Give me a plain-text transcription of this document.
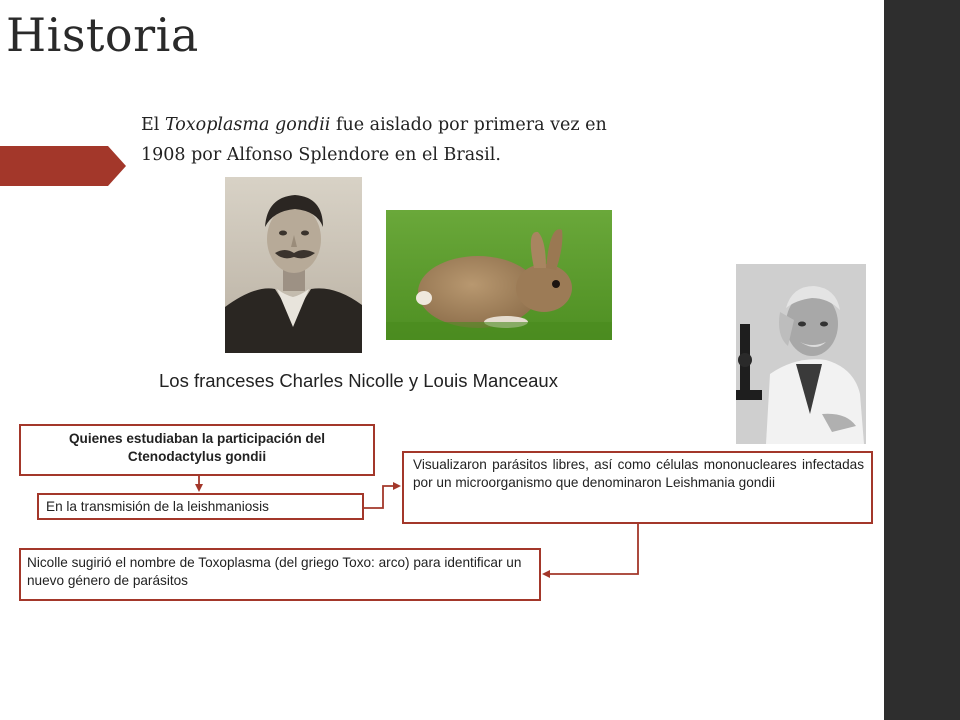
Historia
El Toxoplasma gondii fue aislado por primera vez en
1908 por Alfonso Splendore en el Brasil.
Los franceses Charles Nicolle y Louis Manceaux
Quienes estudiaban la participación del Ctenodactylus gondii
En la transmisión de la leishmaniosis
Visualizaron parásitos libres, así como células mononucleares infectadas por un microorganismo que denominaron Leishmania gondii
Nicolle sugirió el nombre de Toxoplasma (del griego Toxo: arco) para identificar un nuevo género de parásitos
